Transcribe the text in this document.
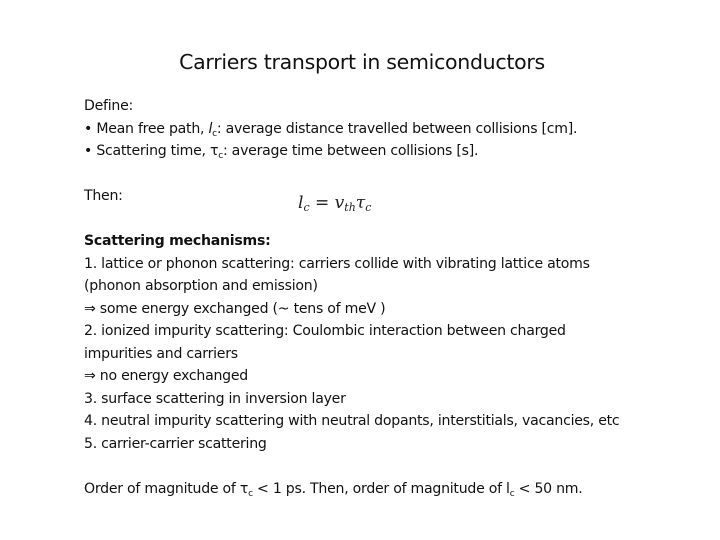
Carriers transport in semiconductors
Define:
• Mean free path, $l_c$: average distance travelled between collisions [cm].
• Scattering time, $\tau_c$: average time between collisions [s].
Then:
Scattering mechanisms:
1. lattice or phonon scattering: carriers collide with vibrating lattice atoms
(phonon absorption and emission)
⇒ some energy exchanged (~ tens of meV )
2. ionized impurity scattering: Coulombic interaction between charged
impurities and carriers
⇒ no energy exchanged
3. surface scattering in inversion layer
4. neutral impurity scattering with neutral dopants, interstitials, vacancies, etc
5. carrier-carrier scattering
Order of magnitude of $\tau_c < 1$ ps. Then, order of magnitude of $l_c < 50$ nm.
$l_c = v_{th}\tau_c$
